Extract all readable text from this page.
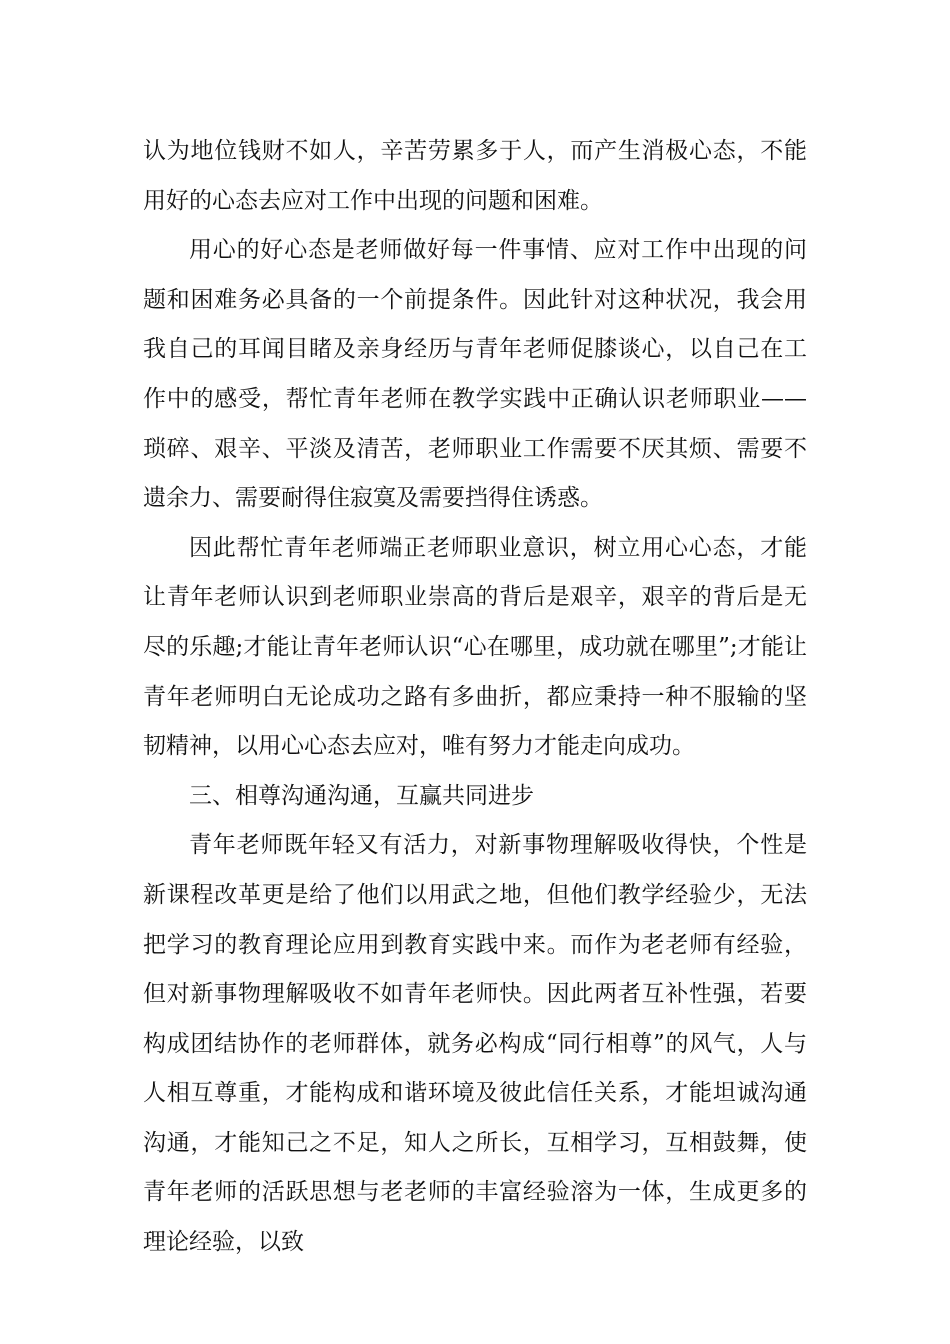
认为地位钱财不如人，辛苦劳累多于人，而产生消极心态，不能用好的心态去应对工作中出现的问题和困难。

用心的好心态是老师做好每一件事情、应对工作中出现的问题和困难务必具备的一个前提条件。因此针对这种状况，我会用我自己的耳闻目睹及亲身经历与青年老师促膝谈心，以自己在工作中的感受，帮忙青年老师在教学实践中正确认识老师职业——琐碎、艰辛、平淡及清苦，老师职业工作需要不厌其烦、需要不遗余力、需要耐得住寂寞及需要挡得住诱惑。

因此帮忙青年老师端正老师职业意识，树立用心心态，才能让青年老师认识到老师职业崇高的背后是艰辛，艰辛的背后是无尽的乐趣;才能让青年老师认识“心在哪里，成功就在哪里”;才能让青年老师明白无论成功之路有多曲折，都应秉持一种不服输的坚韧精神，以用心心态去应对，唯有努力才能走向成功。

三、相尊沟通沟通，互赢共同进步

青年老师既年轻又有活力，对新事物理解吸收得快，个性是新课程改革更是给了他们以用武之地，但他们教学经验少，无法把学习的教育理论应用到教育实践中来。而作为老老师有经验，但对新事物理解吸收不如青年老师快。因此两者互补性强，若要构成团结协作的老师群体，就务必构成“同行相尊”的风气，人与人相互尊重，才能构成和谐环境及彼此信任关系，才能坦诚沟通沟通，才能知己之不足，知人之所长，互相学习，互相鼓舞，使青年老师的活跃思想与老老师的丰富经验溶为一体，生成更多的理论经验，以致
